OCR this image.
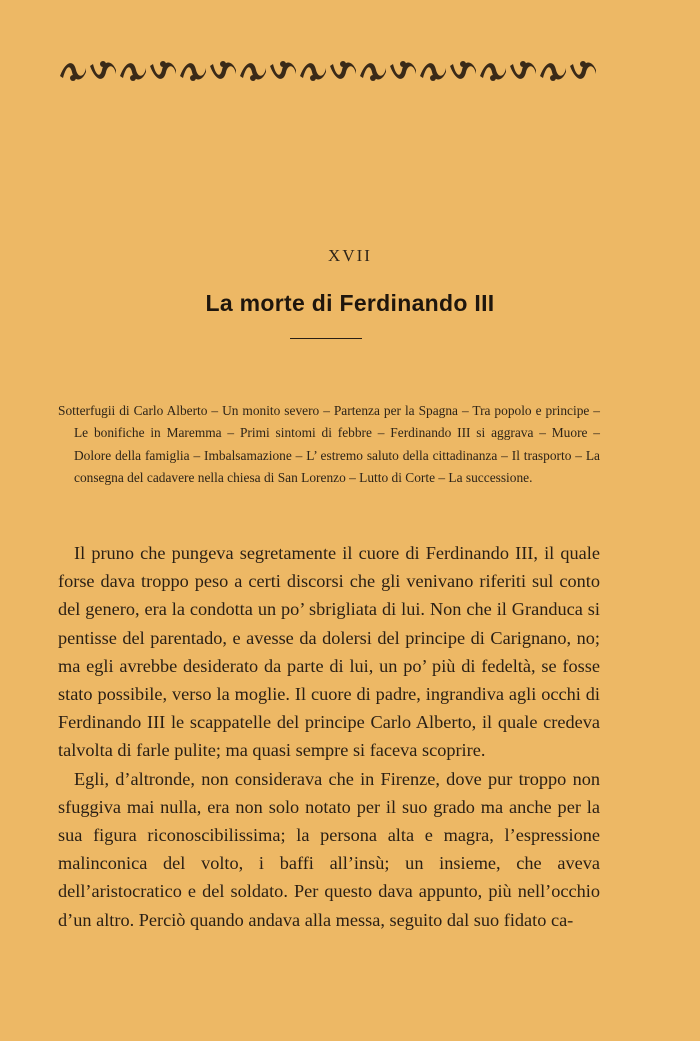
XVII
La morte di Ferdinando III
Sotterfugii di Carlo Alberto – Un monito severo – Partenza per la Spagna – Tra popolo e principe – Le bonifiche in Maremma – Primi sintomi di febbre – Ferdinando III si aggrava – Muore – Dolore della famiglia – Imbalsamazione – L’ estremo saluto della cittadinanza – Il trasporto – La consegna del cadavere nella chiesa di San Lorenzo – Lutto di Corte – La successione.

Il pruno che pungeva segretamente il cuore di Ferdinando III, il quale forse dava troppo peso a certi discorsi che gli venivano riferiti sul conto del genero, era la condotta un po’ sbrigliata di lui. Non che il Granduca si pentisse del parentado, e avesse da dolersi del principe di Carignano, no; ma egli avrebbe desiderato da parte di lui, un po’ più di fedeltà, se fosse stato possibile, verso la moglie. Il cuore di padre, ingrandiva agli occhi di Ferdinando III le scappatelle del principe Carlo Alberto, il quale credeva talvolta di farle pulite; ma quasi sempre si faceva scoprire.

Egli, d’altronde, non considerava che in Firenze, dove pur troppo non sfuggiva mai nulla, era non solo notato per il suo grado ma anche per la sua figura riconoscibilissima; la persona alta e magra, l’espressione malinconica del volto, i baffi all’insù; un insieme, che aveva dell’aristocratico e del soldato. Per questo dava appunto, più nell’occhio d’un altro. Perciò quando andava alla messa, seguito dal suo fidato ca-
